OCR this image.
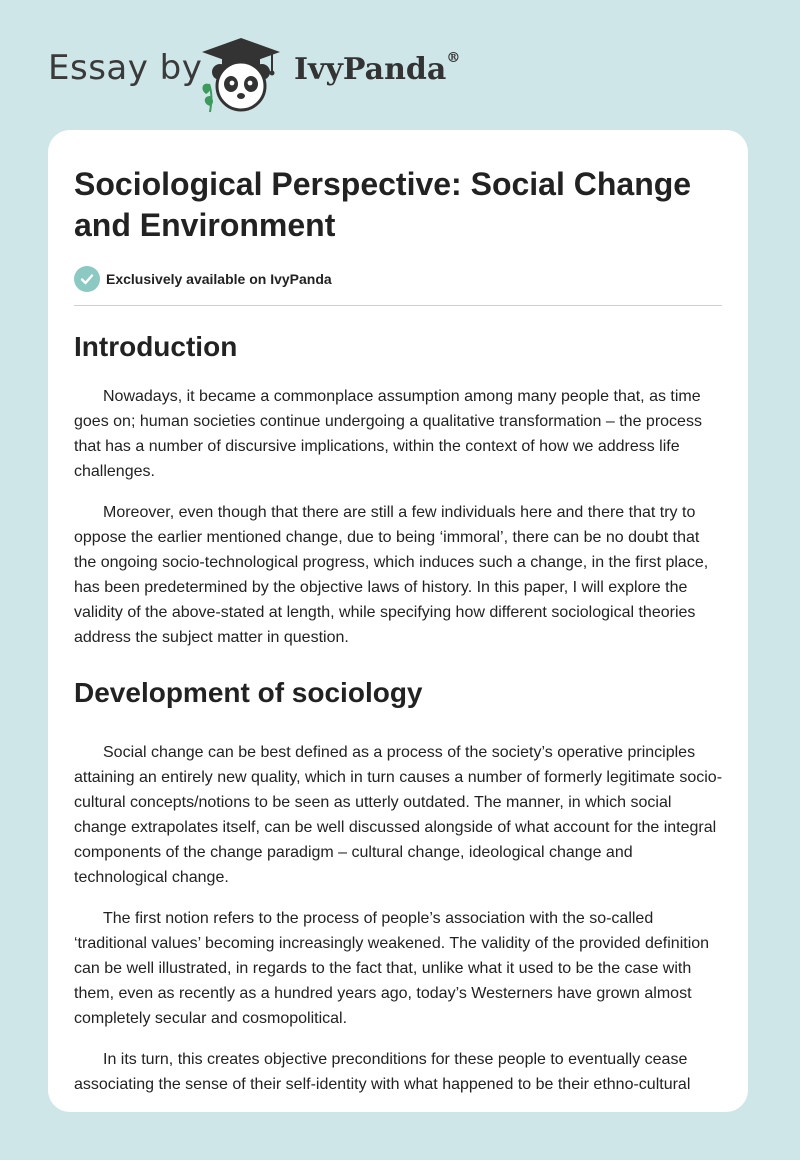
Essay by	IvyPanda®
Sociological Perspective: Social Change and Environment
Exclusively available on IvyPanda
Introduction

Nowadays, it became a commonplace assumption among many people that, as time goes on; human societies continue undergoing a qualitative transformation – the process that has a number of discursive implications, within the context of how we address life challenges.

Moreover, even though that there are still a few individuals here and there that try to oppose the earlier mentioned change, due to being ‘immoral’, there can be no doubt that the ongoing socio-technological progress, which induces such a change, in the first place, has been predetermined by the objective laws of history. In this paper, I will explore the validity of the above-stated at length, while specifying how different sociological theories address the subject matter in question.

Development of sociology

Social change can be best defined as a process of the society’s operative principles attaining an entirely new quality, which in turn causes a number of formerly legitimate socio-cultural concepts/notions to be seen as utterly outdated. The manner, in which social change extrapolates itself, can be well discussed alongside of what account for the integral components of the change paradigm – cultural change, ideological change and technological change.

The first notion refers to the process of people’s association with the so-called ‘traditional values’ becoming increasingly weakened. The validity of the provided definition can be well illustrated, in regards to the fact that, unlike what it used to be the case with them, even as recently as a hundred years ago, today’s Westerners have grown almost completely secular and cosmopolitical.

In its turn, this creates objective preconditions for these people to eventually cease associating the sense of their self-identity with what happened to be their ethno-cultural
